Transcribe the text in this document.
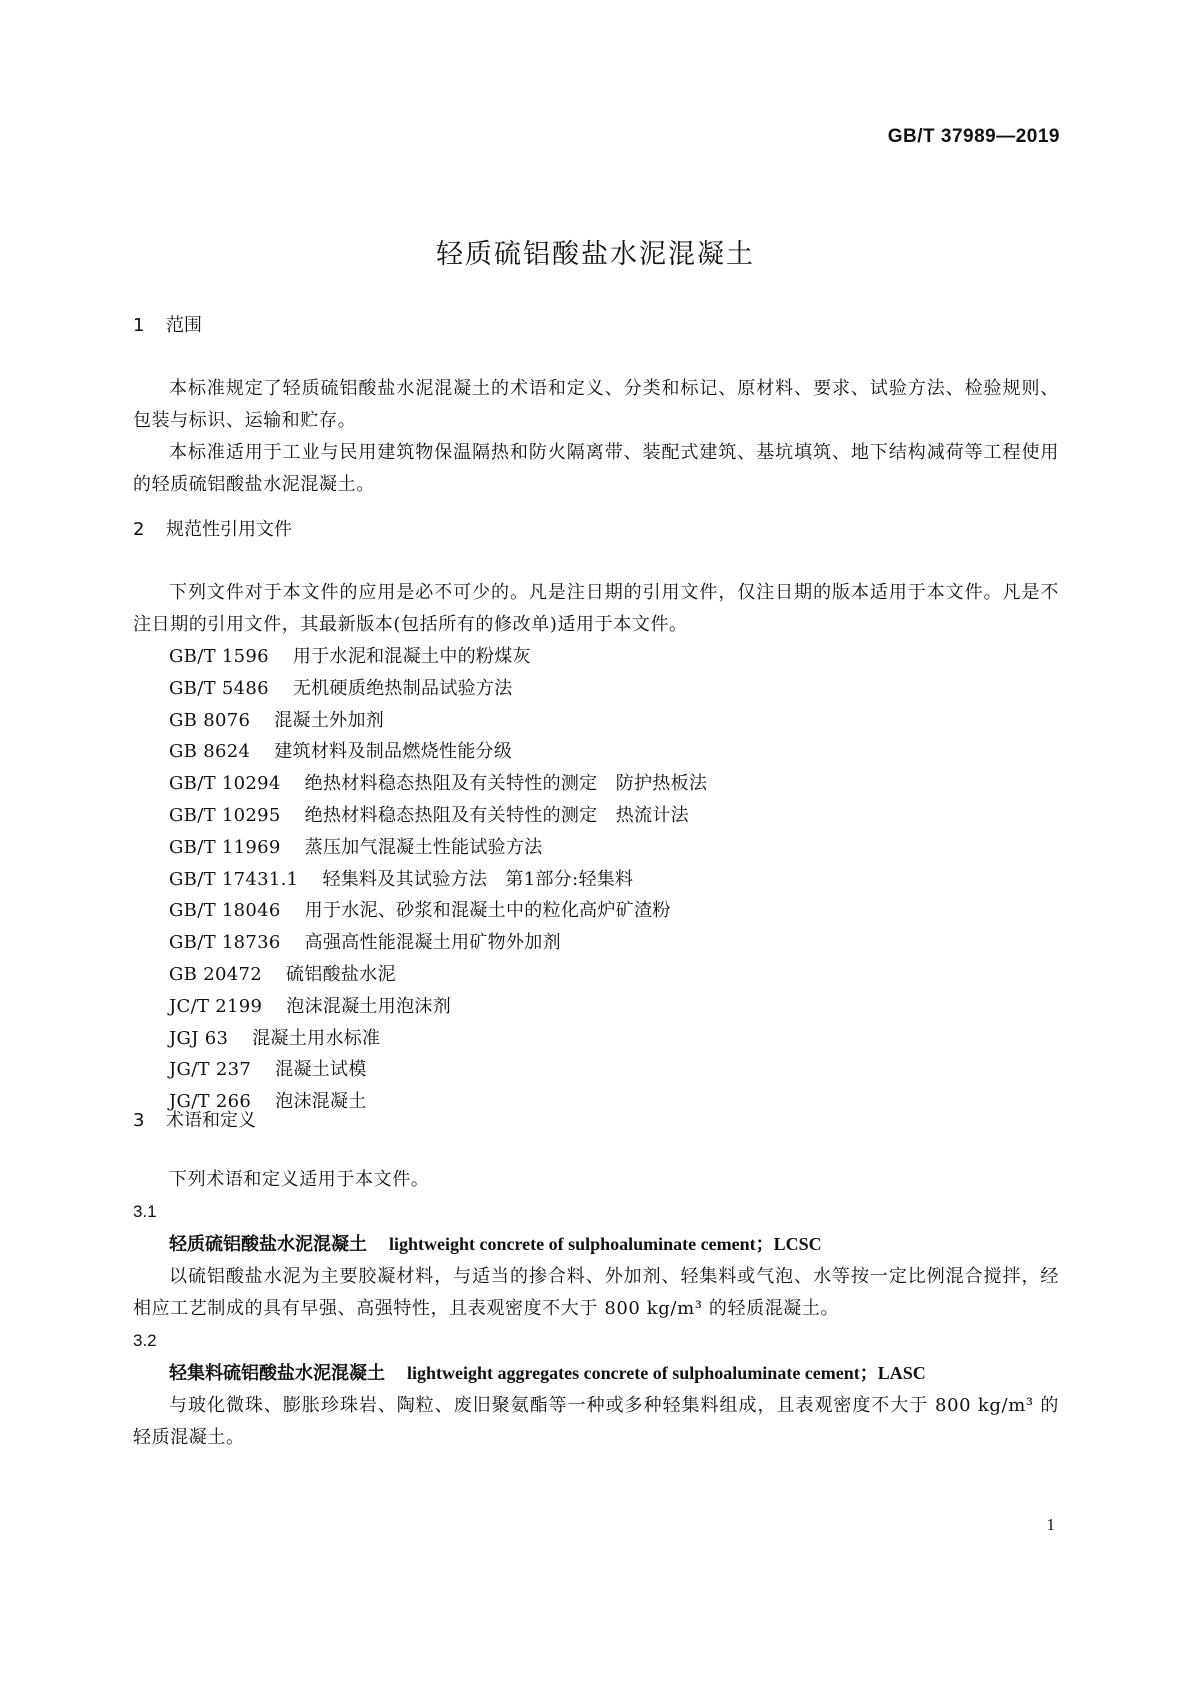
GB/T 37989—2019
轻质硫铝酸盐水泥混凝土
1 范围

本标准规定了轻质硫铝酸盐水泥混凝土的术语和定义、分类和标记、原材料、要求、试验方法、检验规则、包装与标识、运输和贮存。

本标准适用于工业与民用建筑物保温隔热和防火隔离带、装配式建筑、基坑填筑、地下结构减荷等工程使用的轻质硫铝酸盐水泥混凝土。

2 规范性引用文件

下列文件对于本文件的应用是必不可少的。凡是注日期的引用文件，仅注日期的版本适用于本文件。凡是不注日期的引用文件，其最新版本(包括所有的修改单)适用于本文件。

GB/T 1596 用于水泥和混凝土中的粉煤灰
GB/T 5486 无机硬质绝热制品试验方法
GB 8076 混凝土外加剂
GB 8624 建筑材料及制品燃烧性能分级
GB/T 10294 绝热材料稳态热阻及有关特性的测定　防护热板法
GB/T 10295 绝热材料稳态热阻及有关特性的测定　热流计法
GB/T 11969 蒸压加气混凝土性能试验方法
GB/T 17431.1 轻集料及其试验方法　第1部分:轻集料
GB/T 18046 用于水泥、砂浆和混凝土中的粒化高炉矿渣粉
GB/T 18736 高强高性能混凝土用矿物外加剂
GB 20472 硫铝酸盐水泥
JC/T 2199 泡沫混凝土用泡沫剂
JGJ 63 混凝土用水标准
JG/T 237 混凝土试模
JG/T 266 泡沫混凝土
3 术语和定义

下列术语和定义适用于本文件。

3.1
轻质硫铝酸盐水泥混凝土 lightweight concrete of sulphoaluminate cement；LCSC

以硫铝酸盐水泥为主要胶凝材料，与适当的掺合料、外加剂、轻集料或气泡、水等按一定比例混合搅拌，经相应工艺制成的具有早强、高强特性，且表观密度不大于 800 kg/m³ 的轻质混凝土。

3.2
轻集料硫铝酸盐水泥混凝土 lightweight aggregates concrete of sulphoaluminate cement；LASC

与玻化微珠、膨胀珍珠岩、陶粒、废旧聚氨酯等一种或多种轻集料组成，且表观密度不大于 800 kg/m³ 的轻质混凝土。

1
